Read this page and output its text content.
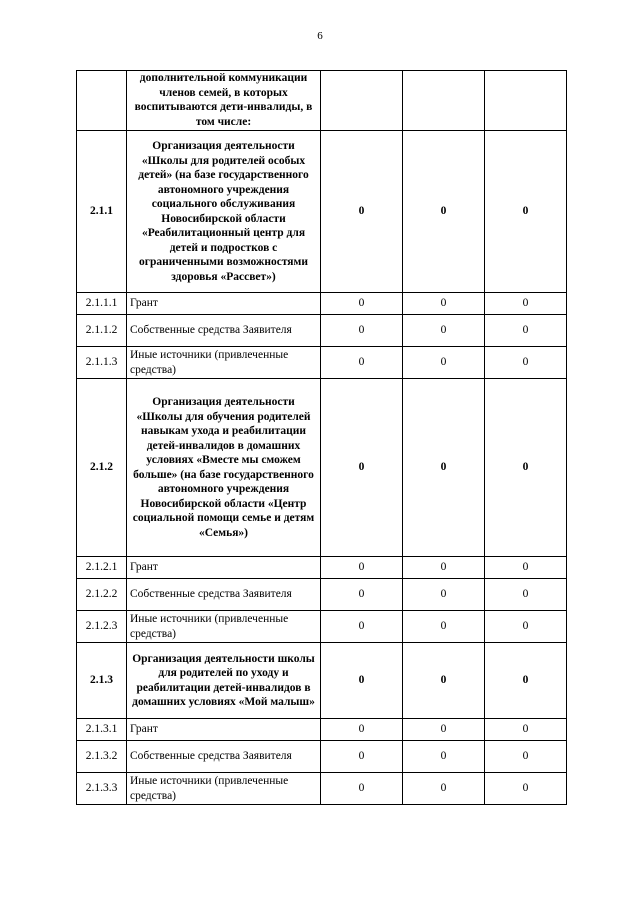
6
	дополнительной коммуникации членов семей, в которых воспитываются дети-инвалиды, в том числе:			
2.1.1	Организация деятельности «Школы для родителей особых детей» (на базе государственного автономного учреждения социального обслуживания Новосибирской области «Реабилитационный центр для детей и подростков с ограниченными возможностями здоровья «Рассвет»)	0	0	0
2.1.1.1	Грант	0	0	0
2.1.1.2	Собственные средства Заявителя	0	0	0
2.1.1.3	Иные источники (привлеченные средства)	0	0	0
2.1.2	Организация деятельности «Школы для обучения родителей навыкам ухода и реабилитации детей-инвалидов в домашних условиях «Вместе мы сможем больше» (на базе государственного автономного учреждения Новосибирской области «Центр социальной помощи семье и детям «Семья»)	0	0	0
2.1.2.1	Грант	0	0	0
2.1.2.2	Собственные средства Заявителя	0	0	0
2.1.2.3	Иные источники (привлеченные средства)	0	0	0
2.1.3	Организация деятельности школы для родителей по уходу и реабилитации детей-инвалидов в домашних условиях «Мой малыш»	0	0	0
2.1.3.1	Грант	0	0	0
2.1.3.2	Собственные средства Заявителя	0	0	0
2.1.3.3	Иные источники (привлеченные средства)	0	0	0
